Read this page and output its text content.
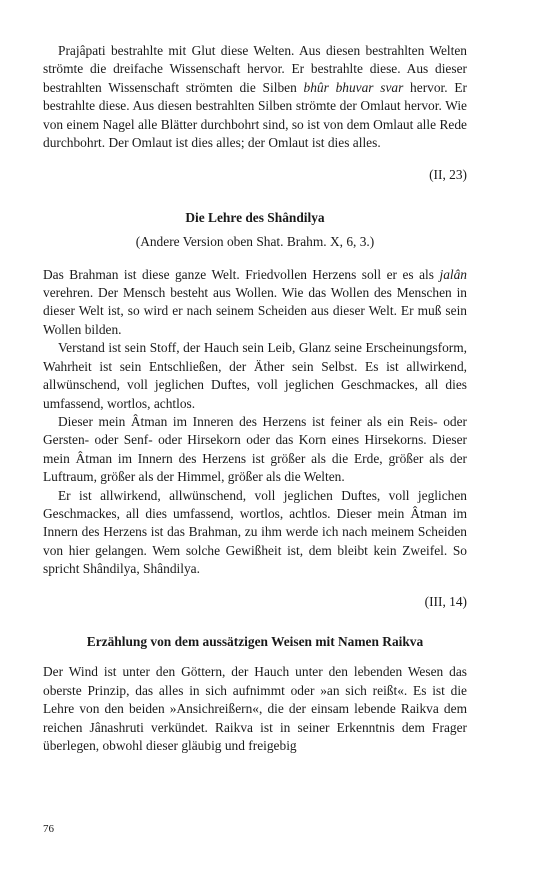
Prajâpati bestrahlte mit Glut diese Welten. Aus diesen bestrahlten Welten strömte die dreifache Wissenschaft hervor. Er bestrahlte diese. Aus dieser bestrahlten Wissenschaft strömten die Silben bhûr bhuvar svar hervor. Er bestrahlte diese. Aus diesen bestrahlten Silben strömte der Omlaut hervor. Wie von einem Nagel alle Blätter durchbohrt sind, so ist von dem Omlaut alle Rede durchbohrt. Der Omlaut ist dies alles; der Omlaut ist dies alles.

(II, 23)

Die Lehre des Shândilya

(Andere Version oben Shat. Brahm. X, 6, 3.)

Das Brahman ist diese ganze Welt. Friedvollen Herzens soll er es als jalân verehren. Der Mensch besteht aus Wollen. Wie das Wollen des Menschen in dieser Welt ist, so wird er nach seinem Scheiden aus dieser Welt. Er muß sein Wollen bilden.

Verstand ist sein Stoff, der Hauch sein Leib, Glanz seine Erscheinungsform, Wahrheit ist sein Entschließen, der Äther sein Selbst. Es ist allwirkend, allwünschend, voll jeglichen Duftes, voll jeglichen Geschmackes, all dies umfassend, wortlos, achtlos.

Dieser mein Âtman im Inneren des Herzens ist feiner als ein Reis- oder Gersten- oder Senf- oder Hirsekorn oder das Korn eines Hirsekorns. Dieser mein Âtman im Innern des Herzens ist größer als die Erde, größer als der Luftraum, größer als der Himmel, größer als die Welten.

Er ist allwirkend, allwünschend, voll jeglichen Duftes, voll jeglichen Geschmackes, all dies umfassend, wortlos, achtlos. Dieser mein Âtman im Innern des Herzens ist das Brahman, zu ihm werde ich nach meinem Scheiden von hier gelangen. Wem solche Gewißheit ist, dem bleibt kein Zweifel. So spricht Shândilya, Shândilya.

(III, 14)

Erzählung von dem aussätzigen Weisen mit Namen Raikva

Der Wind ist unter den Göttern, der Hauch unter den lebenden Wesen das oberste Prinzip, das alles in sich aufnimmt oder »an sich reißt«. Es ist die Lehre von den beiden »Ansichreißern«, die der einsam lebende Raikva dem reichen Jânashruti verkündet. Raikva ist in seiner Erkenntnis dem Frager überlegen, obwohl dieser gläubig und freigebig

76
